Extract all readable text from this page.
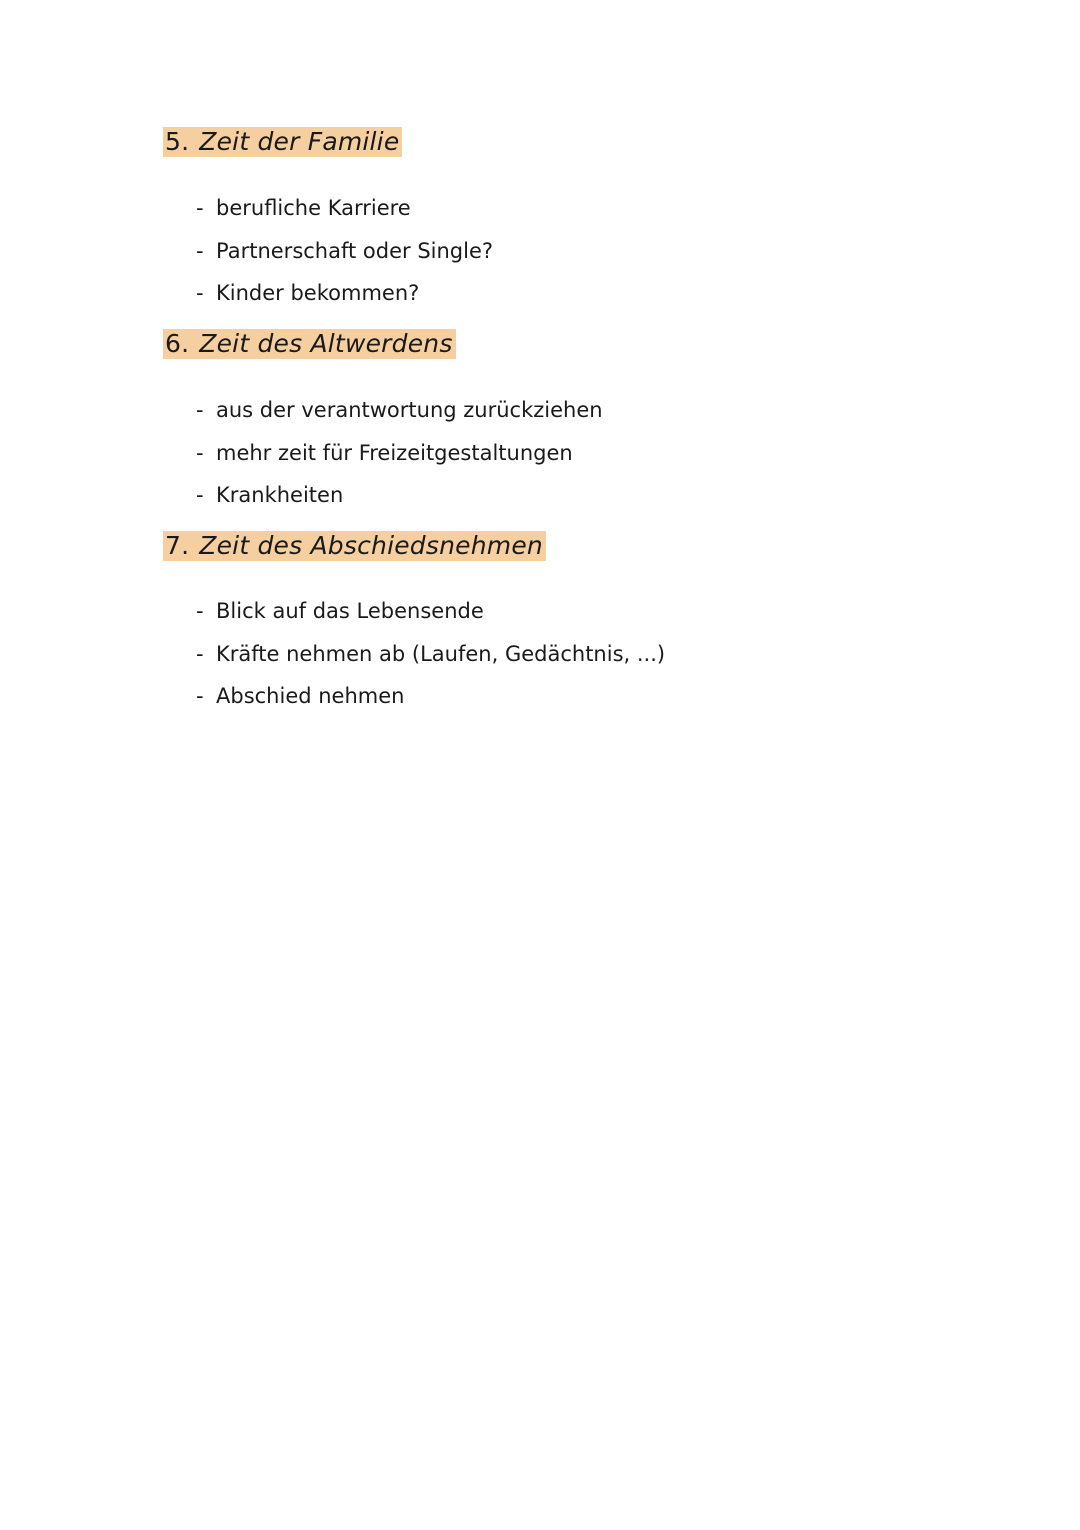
5. Zeit der Familie
- beruﬂiche Karriere
- Partnerschaft oder Single?
- Kinder bekommen?
6. Zeit des Altwerdens
- aus der verantwortung zurückziehen
- mehr zeit für Freizeitgestaltungen
- Krankheiten
7. Zeit des Abschiedsnehmen
- Blick auf das Lebensende
- Kräfte nehmen ab (Laufen, Gedächtnis, ...)
- Abschied nehmen
